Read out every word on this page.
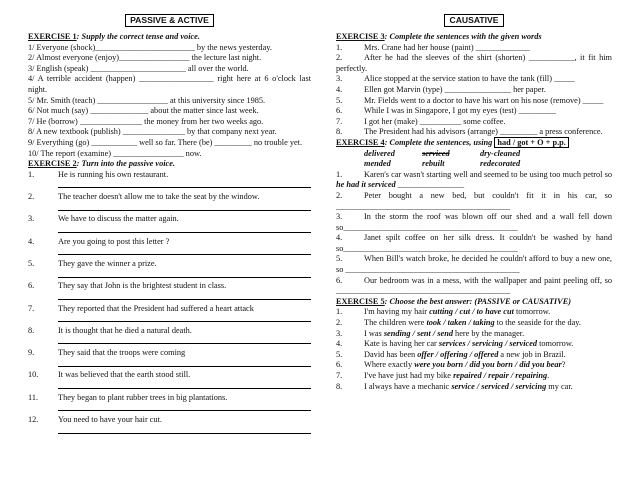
PASSIVE & ACTIVE
EXERCISE 1: Supply the correct tense and voice.
1/ Everyone (shock)________________________ by the news yesterday.
2/ Almost everyone (enjoy)_________________ the lecture last night.
3/ English (speak) _______________________ all over the world.
4/ A terrible accident (happen) __________________ right here at 6 o'clock last night.
5/ Mr. Smith (teach) _________________ at this university since 1985.
6/ Not much (say) ______________ about the matter since last week.
7/ He (borrow) _______________ the money from her two weeks ago.
8/ A new textbook (publish) _______________ by that company next year.
9/ Everything (go) ___________ well so far. There (be) _________ no trouble yet.
10/ The report (examine) _________________ now.
EXERCISE 2: Turn into the passive voice.
1.	He is running his own restaurant.
2.	The teacher doesn't allow me to take the seat by the window.
3.	We have to discuss the matter again.
4.	Are you going to post this letter ?
5.	They gave the winner a prize.
6.	They say that John is the brightest student in class.
7.	They reported that the President had suffered a heart attack
8.	It is thought that he died a natural death.
9.	They said that the troops were coming
10.	It was believed that the earth stood still.
11.	They began to plant rubber trees in big plantations.
12.	You need to have your hair cut.
CAUSATIVE
EXERCISE 3: Complete the sentences with the given words
1.	Mrs. Crane had her house (paint) _____________
2.	After he had the sleeves of the shirt (shorten) ___________, it fit him perfectly.
3.	Alice stopped at the service station to have the tank (fill) _____
4.	Ellen got Marvin (type) ________________ her paper.
5.	Mr. Fields went to a doctor to have his wart on his nose (remove) _____
6.	While I was in Singapore, I got my eyes (test) _________
7.	I got her (make) __________ some coffee.
8.	The President had his advisors (arrange) _________ a press conference.
EXERCISE 4: Complete the sentences, using had / got + O + p.p.
delivered	serviced	dry-cleaned
mended	rebuilt	redecorated
1.	Karen's car wasn't starting well and seemed to be using too much petrol so he had it serviced ________________
2.	Peter bought a new bed, but couldn't fit it in his car, so __________________________________________
3.	In the storm the roof was blown off our shed and a wall fell down so__________________________________________
4.	Janet spilt coffee on her silk dress. It couldn't be washed by hand so__________________________________________
5.	When Bill's watch broke, he decided he couldn't afford to buy a new one, so __________________________________________
6.	Our bedroom was in a mess, with the wallpaper and paint peeling off, so __________________________________________
EXERCISE 5: Choose the best answer: (PASSIVE or CAUSATIVE)
1.	I'm having my hair cutting / cut / to have cut tomorrow.
2.	The children were took / taken / taking to the seaside for the day.
3.	I was sending / sent / send here by the manager.
4.	Kate is having her car services / servicing / serviced tomorrow.
5.	David has been offer / offering / offered a new job in Brazil.
6.	Where exactly were you born / did you born / did you bear?
7.	I've have just had my bike repaired / repair / repairing.
8.	I always have a mechanic service / serviced / servicing my car.
